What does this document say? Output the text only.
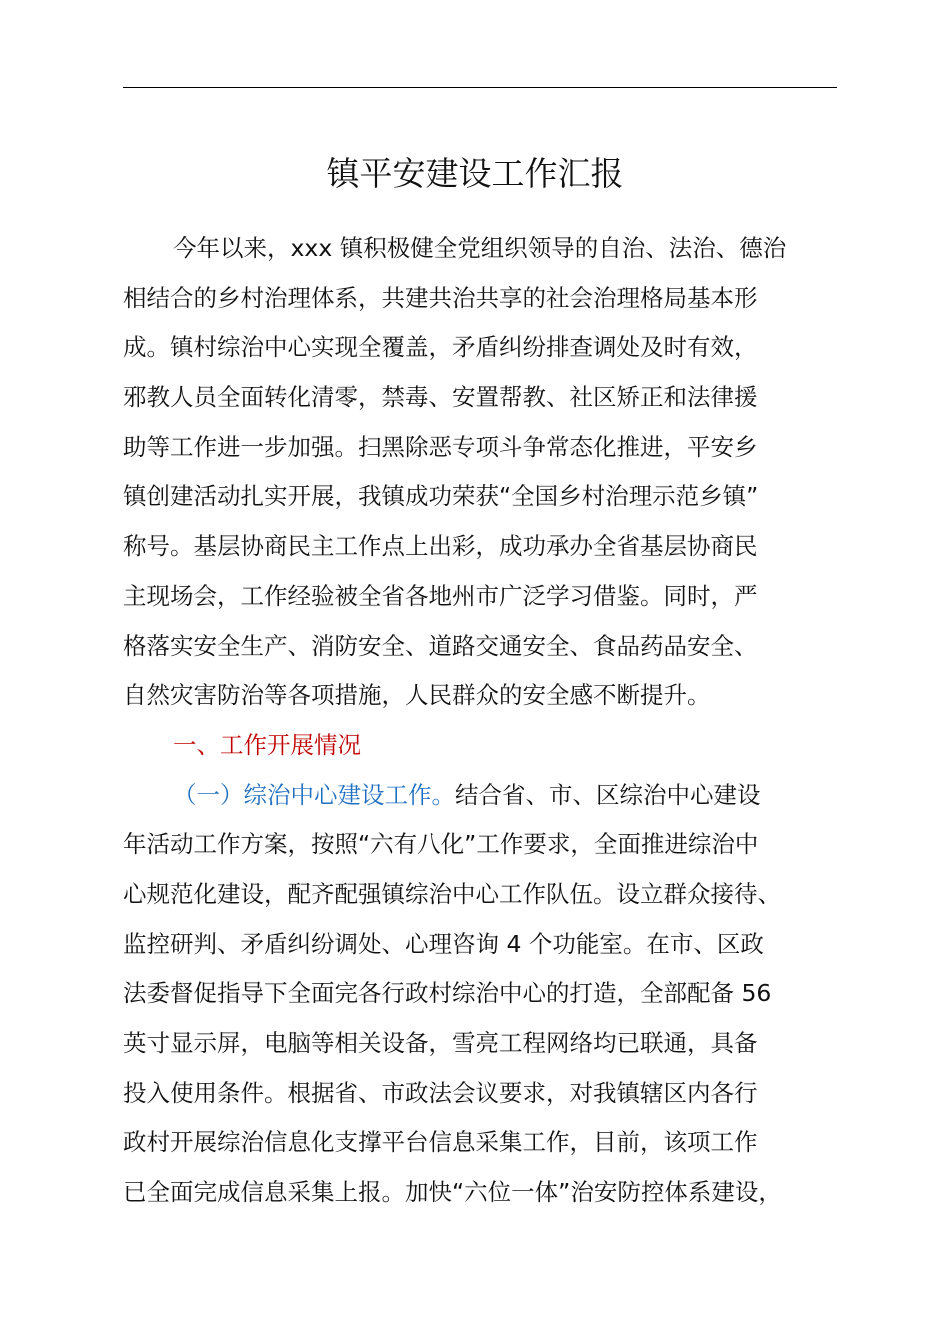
镇平安建设工作汇报

今年以来，xxx 镇积极健全党组织领导的自治、法治、德治

相结合的乡村治理体系，共建共治共享的社会治理格局基本形

成。镇村综治中心实现全覆盖，矛盾纠纷排查调处及时有效，

邪教人员全面转化清零，禁毒、安置帮教、社区矫正和法律援

助等工作进一步加强。扫黑除恶专项斗争常态化推进，平安乡

镇创建活动扎实开展，我镇成功荣获“全国乡村治理示范乡镇”

称号。基层协商民主工作点上出彩，成功承办全省基层协商民

主现场会，工作经验被全省各地州市广泛学习借鉴。同时，严

格落实安全生产、消防安全、道路交通安全、食品药品安全、

自然灾害防治等各项措施，人民群众的安全感不断提升。

一、工作开展情况

（一）综治中心建设工作。结合省、市、区综治中心建设

年活动工作方案，按照“六有八化”工作要求，全面推进综治中

心规范化建设，配齐配强镇综治中心工作队伍。设立群众接待、

监控研判、矛盾纠纷调处、心理咨询 4 个功能室。在市、区政

法委督促指导下全面完各行政村综治中心的打造，全部配备 56

英寸显示屏，电脑等相关设备，雪亮工程网络均已联通，具备

投入使用条件。根据省、市政法会议要求，对我镇辖区内各行

政村开展综治信息化支撑平台信息采集工作，目前，该项工作

已全面完成信息采集上报。加快“六位一体”治安防控体系建设，
